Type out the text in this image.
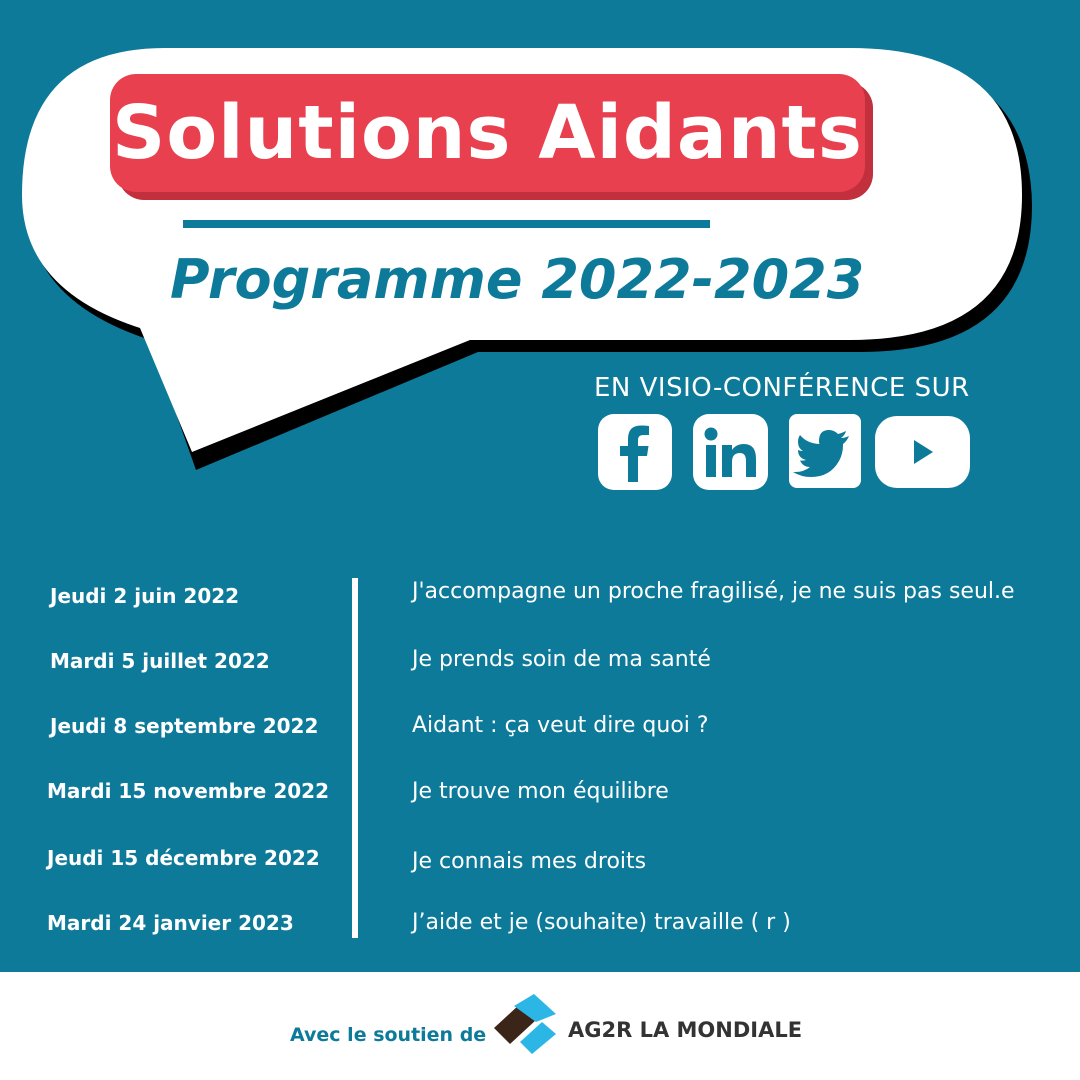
Solutions Aidants
Programme 2022-2023
EN VISIO-CONFÉRENCE SUR
Jeudi 2 juin 2022	J'accompagne un proche fragilisé, je ne suis pas seul.e
Mardi 5 juillet 2022	Je prends soin de ma santé
Jeudi 8 septembre 2022	Aidant : ça veut dire quoi ?
Mardi 15 novembre 2022	Je trouve mon équilibre
Jeudi 15 décembre 2022	Je connais mes droits
Mardi 24 janvier 2023	J’aide et je (souhaite) travaille ( r )
Avec le soutien de	AG2R LA MONDIALE
